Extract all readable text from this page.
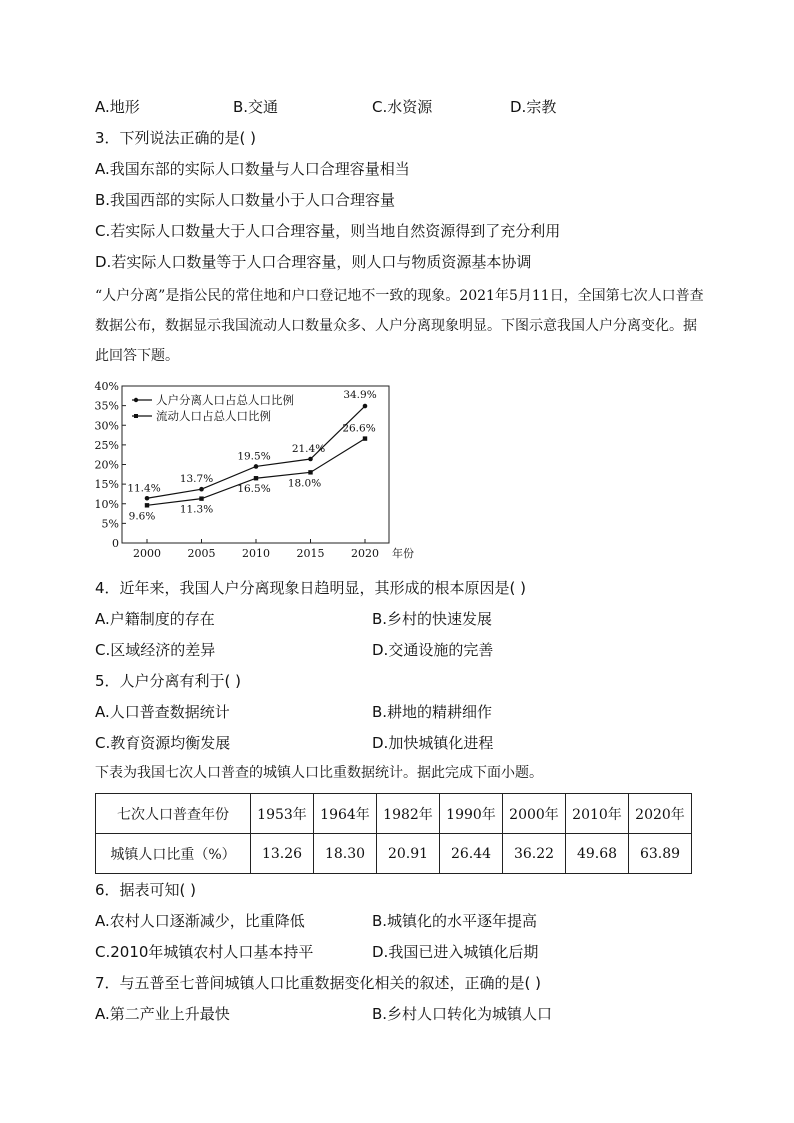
A.地形	B.交通	C.水资源	D.宗教
3．下列说法正确的是( )
A.我国东部的实际人口数量与人口合理容量相当
B.我国西部的实际人口数量小于人口合理容量
C.若实际人口数量大于人口合理容量，则当地自然资源得到了充分利用
D.若实际人口数量等于人口合理容量，则人口与物质资源基本协调
“人户分离”是指公民的常住地和户口登记地不一致的现象。2021年5月11日，全国第七次人口普查数据公布，数据显示我国流动人口数量众多、人户分离现象明显。下图示意我国人户分离变化。据此回答下题。
0
5%
10%
15%
20%
25%
30%
35%
40%
2000 2005 2010 2015 2020 年份
人户分离人口占总人口比例
流动人口占总人口比例
11.4%
13.7%
19.5%
21.4%
34.9%
9.6%
11.3%
16.5% 18.0%
26.6%
4．近年来，我国人户分离现象日趋明显，其形成的根本原因是( )
A.户籍制度的存在	B.乡村的快速发展
C.区域经济的差异	D.交通设施的完善
5．人户分离有利于( )
A.人口普查数据统计	B.耕地的精耕细作
C.教育资源均衡发展	D.加快城镇化进程
下表为我国七次人口普查的城镇人口比重数据统计。据此完成下面小题。
七次人口普查年份	1953年	1964年	1982年	1990年	2000年	2010年	2020年
城镇人口比重（%）	13.26	18.30	20.91	26.44	36.22	49.68	63.89
6．据表可知( )
A.农村人口逐渐减少，比重降低	B.城镇化的水平逐年提高
C.2010年城镇农村人口基本持平	D.我国已进入城镇化后期
7．与五普至七普间城镇人口比重数据变化相关的叙述，正确的是( )
A.第二产业上升最快	B.乡村人口转化为城镇人口
